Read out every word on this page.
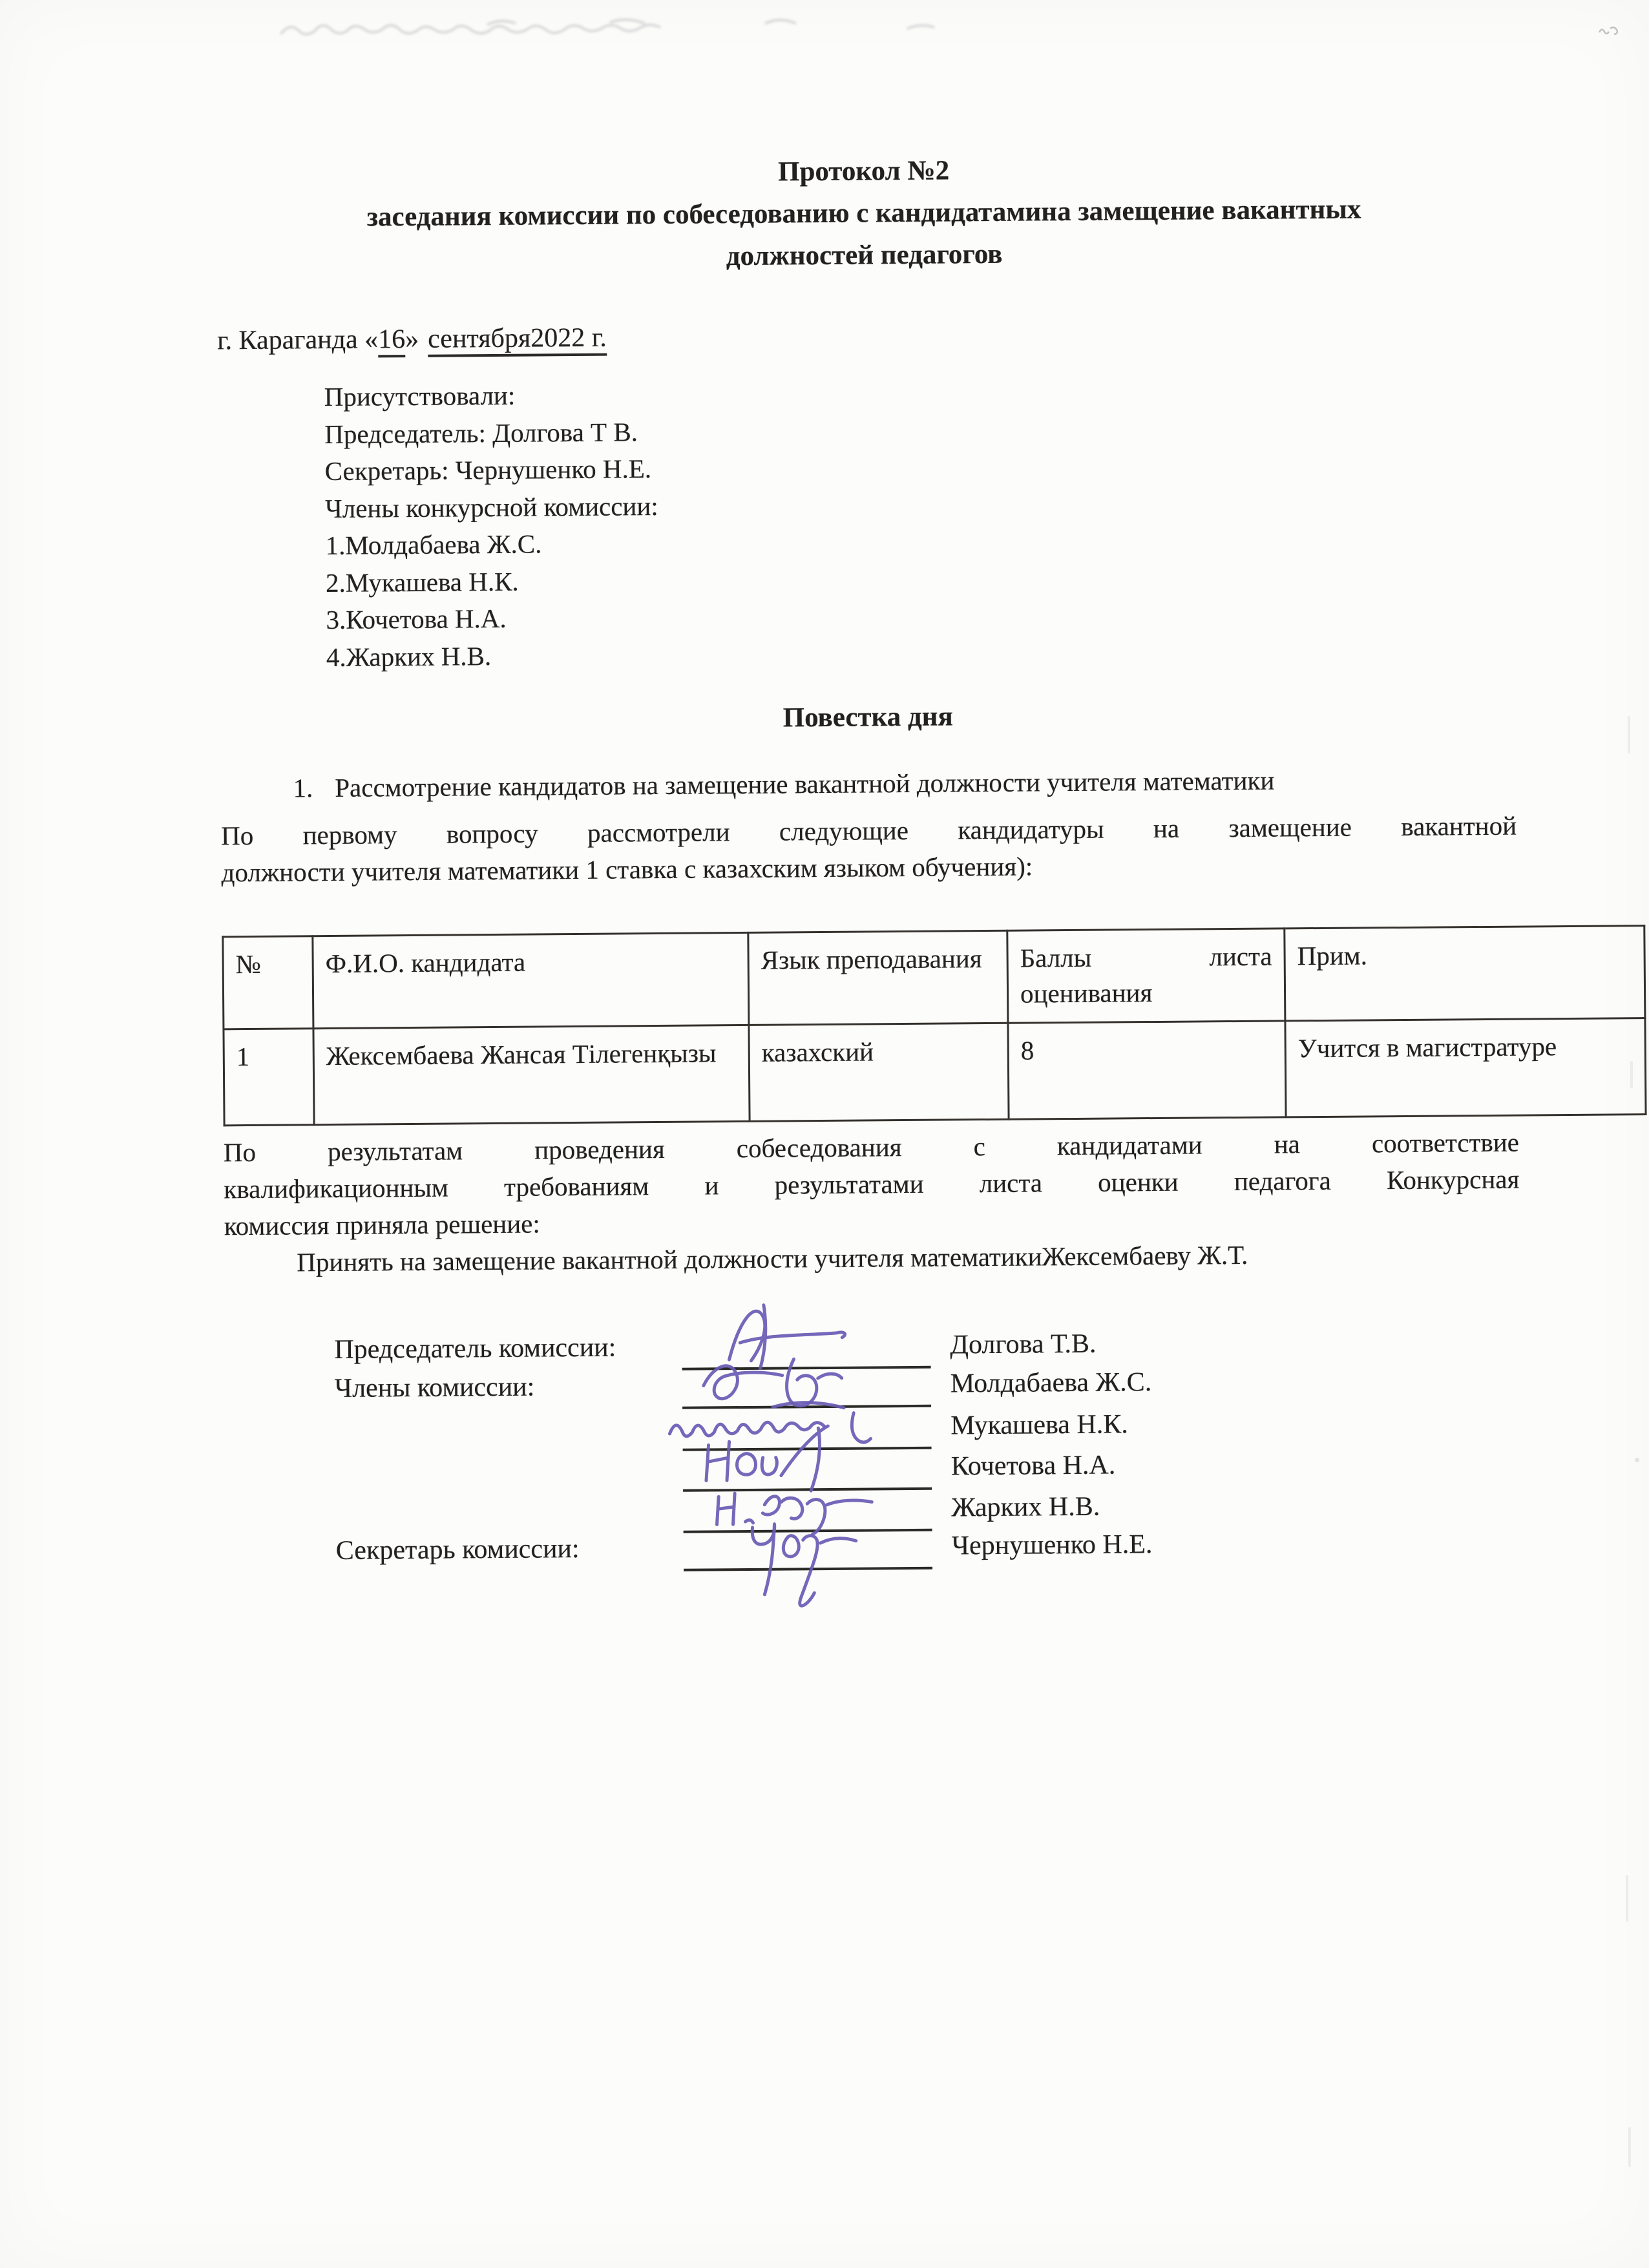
Протокол №2
заседания комиссии по собеседованию с кандидатамина замещение вакантных
должностей педагогов
г. Караганда «16» сентября2022 г.
Присутствовали:
Председатель: Долгова Т В.
Секретарь: Чернушенко Н.Е.
Члены конкурсной комиссии:
1.Молдабаева Ж.С.
2.Мукашева Н.К.
3.Кочетова Н.А.
4.Жарких Н.В.
Повестка дня
1. Рассмотрение кандидатов на замещение вакантной должности учителя математики
По первому вопросу рассмотрели следующие кандидатуры на замещение вакантной
должности учителя математики 1 ставка с казахским языком обучения):
№	Ф.И.О. кандидата	Язык преподавания	Баллы листа оценивания	Прим.
1	Жексембаева Жансая Тілегенқызы	казахский	8	Учится в магистратуре
По результатам проведения собеседования с кандидатами на соответствие
квалификационным требованиям и результатами листа оценки педагога Конкурсная
комиссия приняла решение:
Принять на замещение вакантной должности учителя математикиЖексембаеву Ж.Т.
Председатель комиссии:	Долгова Т.В.
Члены комиссии:	Молдабаева Ж.С.
Мукашева Н.К.
Кочетова Н.А.
Жарких Н.В.
Секретарь комиссии:	Чернушенко Н.Е.
